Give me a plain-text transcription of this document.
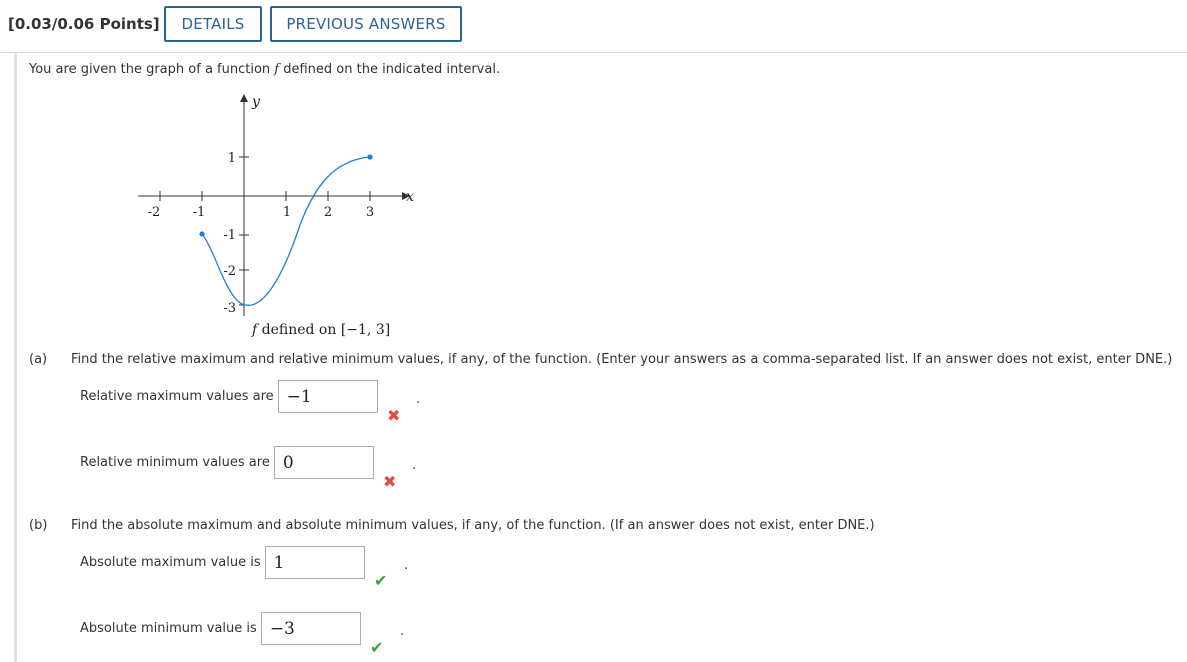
[0.03/0.06 Points]	DETAILS	PREVIOUS ANSWERS
You are given the graph of a function f defined on the indicated interval.
x
y
-2 -1	1	2	3
1
-1
-2
-3
f defined on [−1, 3]
(a) Find the relative maximum and relative minimum values, if any, of the function. (Enter your answers as a comma-separated list. If an answer does not exist, enter DNE.)
Relative maximum values are −1	.
✖
Relative minimum values are 0	.
✖
(b) Find the absolute maximum and absolute minimum values, if any, of the function. (If an answer does not exist, enter DNE.)
Absolute maximum value is 1	.
✔
Absolute minimum value is −3	.
✔
